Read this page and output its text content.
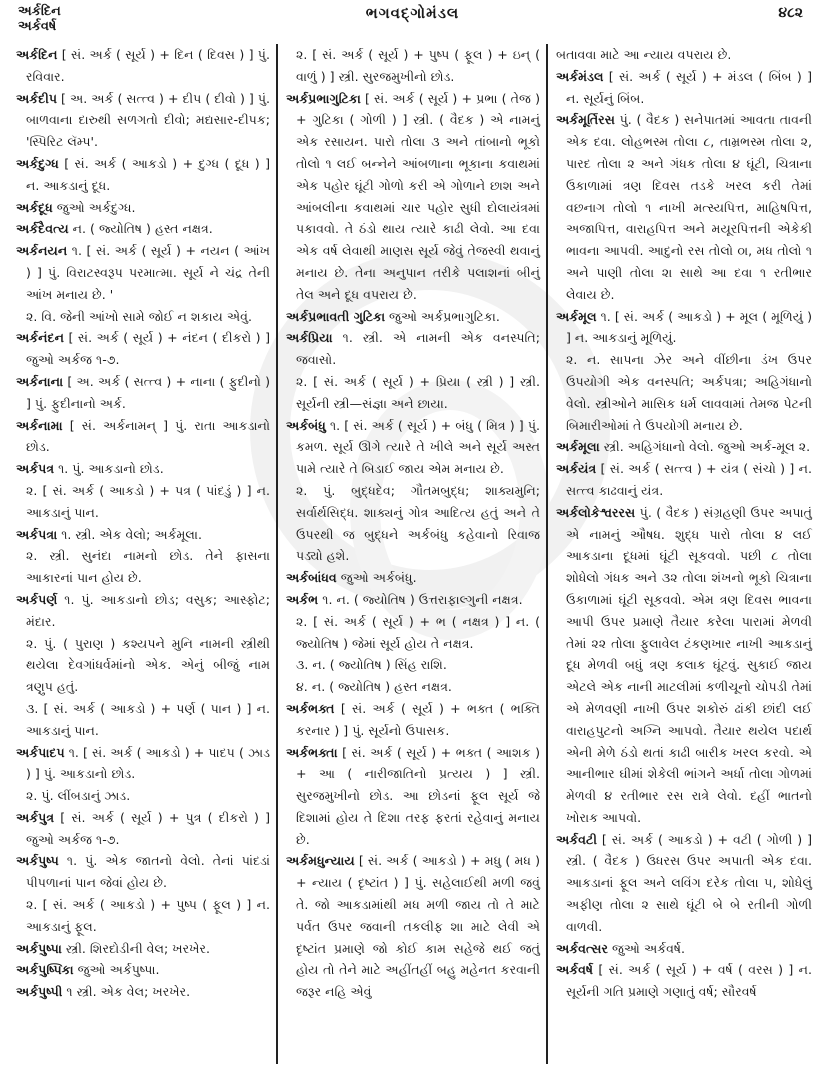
અર્કદિન
અર્કવર્ષ
ભગવદ્ગોમંડલ	૪૮૨

અર્કદિન [ સં. અર્ક ( સૂર્ય ) + દિન ( દિવસ ) ] પું. રવિવાર.

અર્કદીપ [ અ. અર્ક ( સત્ત્વ ) + દીપ ( દીવો ) ] પું. બાળવાના દારુથી સળગતો દીવો; મદ્યસાર-દીપક; 'સ્પિરિટ લૅમ્પ'.

અર્કદુગ્ધ [ સં. અર્ક ( આકડો ) + દુગ્ધ ( દૂધ ) ] ન. આકડાનું દૂધ.

અર્કદૂધ જુઓ અર્કદુગ્ધ.

અર્કદૈવત્ય ન. ( જ્યોતિષ ) હસ્ત નક્ષત્ર.

અર્કનયન ૧. [ સં. અર્ક ( સૂર્ય ) + નયન ( આંખ ) ] પું. વિરાટસ્વરૂપ પરમાત્મા. સૂર્ય ને ચંદ્ર તેની આંખ મનાય છે. '

૨. વિ. જેની આંખો સામે જોઈ ન શકાય એવું.

અર્કનંદન [ સં. અર્ક ( સૂર્ય ) + નંદન ( દીકરો ) ] જુઓ અર્કજ ૧-૭.

અર્કનાના [ અ. અર્ક ( સત્ત્વ ) + નાના ( ફુદીનો ) ] પું. ફુદીનાનો અર્ક.

અર્કનામા [ સં. અર્કનામન્ ] પું. રાતા આકડાનો છોડ.

અર્કપત્ર ૧. પું. આકડાનો છોડ.

૨. [ સં. અર્ક ( આકડો ) + પત્ર ( પાંદડું ) ] ન. આકડાનું પાન.

અર્કપત્રા ૧. સ્ત્રી. એક વેલો; અર્કમૂલા.

૨. સ્ત્રી. સુનંદા નામનો છોડ. તેને ફાસના આકારનાં પાન હોય છે.

અર્કપર્ણ ૧. પું. આકડાનો છોડ; વસુક; આસ્ફોટ; મંદાર.

૨. પું. ( પુરાણ ) કશ્યપને મુનિ નામની સ્ત્રીથી થયેલા દેવગાંધર્વમાંનો એક. એનું બીજું નામ ત્રણુપ હતું.

૩. [ સં. અર્ક ( આકડો ) + પર્ણ ( પાન ) ] ન. આકડાનું પાન.

અર્કપાદપ ૧. [ સં. અર્ક ( આકડો ) + પાદપ ( ઝાડ ) ] પું. આકડાનો છોડ.

૨. પું. લીંબડાનું ઝાડ.

અર્કપુત્ર [ સં. અર્ક ( સૂર્ય ) + પુત્ર ( દીકરો ) ] જુઓ અર્કજ ૧-૭.

અર્કપુષ્પ ૧. પું. એક જાતનો વેલો. તેનાં પાંદડાં પીપળાનાં પાન જેવાં હોય છે.

૨. [ સં. અર્ક ( આકડો ) + પુષ્પ ( ફૂલ ) ] ન. આકડાનું ફૂલ.

અર્કપુષ્પા સ્ત્રી. શિરદોડીની વેલ; ખરખેર.

અર્કપુષ્પિકા જુઓ અર્કપુષ્પા.

અર્કપુષ્પી ૧ સ્ત્રી. એક વેલ; ખરખેર.

૨. [ સં. અર્ક ( સૂર્ય ) + પુષ્પ ( ફૂલ ) + ઇન્ ( વાળું ) ] સ્ત્રી. સુરજમુખીનો છોડ.

અર્કપ્રભાગુટિકા [ સં. અર્ક ( સૂર્ય ) + પ્રભા ( તેજ ) + ગુટિકા ( ગોળી ) ] સ્ત્રી. ( વૈદક ) એ નામનું એક રસાયન. પારો તોલા ૩ અને તાંબાનો ભૂકો તોલો ૧ લઈ બન્નેને આંબળાના ભૂકાના કવાથમાં એક પહોર ઘૂંટી ગોળો કરી એ ગોળાને છાશ અને આંબલીના કવાથમાં ચાર પહોર સુધી દોલાયંત્રમાં પકાવવો. તે ઠંડો થાય ત્યારે કાઢી લેવો. આ દવા એક વર્ષ લેવાથી માણસ સૂર્ય જેવું તેજસ્વી થવાનું મનાય છે. તેના અનુપાન તરીકે પલાશનાં બીનું તેલ અને દૂધ વપરાય છે.

અર્કપ્રભાવતી ગુટિકા જુઓ અર્કપ્રભાગુટિકા.

અર્કપ્રિયા ૧. સ્ત્રી. એ નામની એક વનસ્પતિ; જવાસો.

૨. [ સં. અર્ક ( સૂર્ય ) + પ્રિયા ( સ્ત્રી ) ] સ્ત્રી. સૂર્યની સ્ત્રી—સંજ્ઞા અને છાયા.

અર્કબંધુ ૧. [ સં. અર્ક ( સૂર્ય ) + બંધુ ( મિત્ર ) ] પું. કમળ. સૂર્ય ઊગે ત્યારે તે ખીલે અને સૂર્ય અસ્ત પામે ત્યારે તે બિડાઈ જાય એમ મનાય છે.

૨. પું. બુદ્ધદેવ; ગૌતમબુદ્ધ; શાક્યમુનિ; સર્વાર્થસિદ્ધ. શાક્યનું ગોત્ર આદિત્ય હતું અને તે ઉપરથી જ બુદ્ધને અર્કબંધુ કહેવાનો રિવાજ પડ્યો હશે.

અર્કબાંધવ જુઓ અર્કબંધુ.

અર્કભ ૧. ન. ( જ્યોતિષ ) ઉત્તરાફાલ્ગુની નક્ષત્ર.

૨. [ સં. અર્ક ( સૂર્ય ) + ભ ( નક્ષત્ર ) ] ન. ( જ્યોતિષ ) જેમાં સૂર્ય હોય તે નક્ષત્ર.

૩. ન. ( જ્યોતિષ ) સિંહ રાશિ.

૪. ન. ( જ્યોતિષ ) હસ્ત નક્ષત્ર.

અર્કભક્ત [ સં. અર્ક ( સૂર્ય ) + ભક્ત ( ભક્તિ કરનાર ) ] પું. સૂર્યનો ઉપાસક.

અર્કભક્તા [ સં. અર્ક ( સૂર્ય ) + ભક્ત ( આશક ) + આ ( નારીજાતિનો પ્રત્યય ) ] સ્ત્રી. સુરજમુખીનો છોડ. આ છોડનાં ફૂલ સૂર્ય જે દિશામાં હોય તે દિશા તરફ ફરતાં રહેવાનું મનાય છે.

અર્કમધુન્યાય [ સં. અર્ક ( આકડો ) + મધુ ( મધ ) + ન્યાય ( દૃષ્ટાંત ) ] પું. સહેલાઈથી મળી જવું તે. જો આકડામાંથી મધ મળી જાય તો તે માટે પર્વત ઉપર જવાની તકલીફ શા માટે લેવી એ દૃષ્ટાંત પ્રમાણે જો કોઈ કામ સહેજે થઈ જતું હોય તો તેને માટે અહીંતહીં બહુ મહેનત કરવાની જરૂર નહિ એવું

બતાવવા માટે આ ન્યાય વપરાય છે.

અર્કમંડલ [ સં. અર્ક ( સૂર્ય ) + મંડલ ( બિંબ ) ] ન. સૂર્યનું બિંબ.

અર્કમૂર્તિરસ પું. ( વૈદક ) સનેપાતમાં આવતા તાવની એક દવા. લોહભસ્મ તોલા ૮, તામ્રભસ્મ તોલા ૨, પારદ તોલા ૨ અને ગંધક તોલા ૪ ઘૂંટી, ચિત્રાના ઉકાળામાં ત્રણ દિવસ તડકે ખરલ કરી તેમાં વછનાગ તોલો ૧ નાખી મત્સ્યપિત્ત, માહિષપિત્ત, અજાપિત્ત, વારાહપિત્ત અને મયૂરપિત્તની એકેકી ભાવના આપવી. આદુનો રસ તોલો ૦ા, મધ તોલો ૧ અને પાણી તોલા ૨ા સાથે આ દવા ૧ રતીભાર લેવાય છે.

અર્કમૂલ ૧. [ સં. અર્ક ( આકડો ) + મૂલ ( મૂળિયું ) ] ન. આકડાનું મૂળિયું.

૨. ન. સાપના ઝેર અને વીંછીના ડંખ ઉપર ઉપયોગી એક વનસ્પતિ; અર્કપત્રા; અહિગંધાનો વેલો. સ્ત્રીઓને માસિક ધર્મ લાવવામાં તેમજ પેટની બિમારીઓમાં તે ઉપયોગી મનાય છે.

અર્કમૂલા સ્ત્રી. અહિગંધાનો વેલો. જુઓ અર્ક-મૂલ ૨.

અર્કયંત્ર [ સં. અર્ક ( સત્ત્વ ) + યંત્ર ( સંચો ) ] ન. સત્ત્વ કાઢવાનું યંત્ર.

અર્કલોકેશ્વરરસ પું. ( વૈદક ) સંગ્રહણી ઉપર અપાતું એ નામનું ઔષધ. શુદ્ધ પારો તોલા ૪ લઈ આકડાના દૂધમાં ઘૂંટી સૂકવવો. પછી ૮ તોલા શોધેલો ગંધક અને ૩૨ તોલા શંખનો ભૂકો ચિત્રાના ઉકાળામાં ઘૂંટી સૂકવવો. એમ ત્રણ દિવસ ભાવના આપી ઉપર પ્રમાણે તૈયાર કરેલા પારામાં મેળવી તેમાં ૨૨ તોલા ફુલાવેલ ટંકણખાર નાખી આકડાનું દૂધ મેળવી બધું ત્રણ કલાક ઘૂંટવું. સુકાઈ જાય એટલે એક નાની માટલીમાં કળીચૂનો ચોપડી તેમાં એ મેળવણી નાખી ઉપર શકોરું ઢાંકી છાંદી લઈ વારાહપુટનો અગ્નિ આપવો. તૈયાર થયેલ પદાર્થ એની મેળે ઠંડો થતાં કાઢી બારીક ખરલ કરવો. એ આનીભાર ઘીમાં શેકેલી ભાંગને અર્ધા તોલા ગોળમાં મેળવી ૪ રતીભાર રસ રાત્રે લેવો. દહીં ભાતનો ખોરાક આપવો.

અર્કવટી [ સં. અર્ક ( આકડો ) + વટી ( ગોળી ) ] સ્ત્રી. ( વૈદક ) ઉધરસ ઉપર અપાતી એક દવા. આકડાનાં ફૂલ અને લવિંગ દરેક તોલા ૫, શોધેલું અફીણ તોલા ૨ સાથે ઘૂંટી બે બે રતીની ગોળી વાળવી.

અર્કવત્સર જુઓ અર્કવર્ષ.

અર્કવર્ષ [ સં. અર્ક ( સૂર્ય ) + વર્ષ ( વરસ ) ] ન. સૂર્યની ગતિ પ્રમાણે ગણાતું વર્ષ; સૌરવર્ષ
